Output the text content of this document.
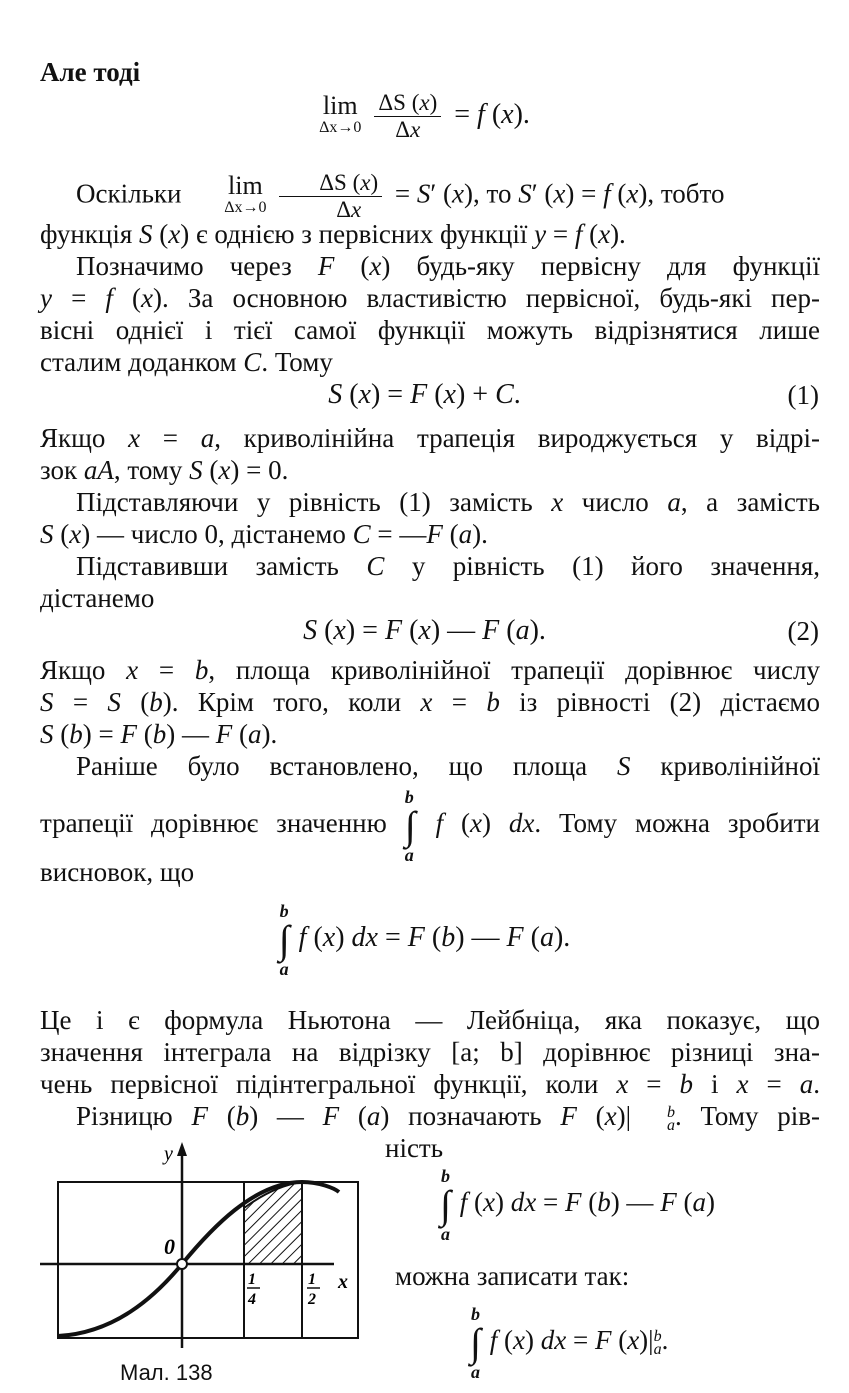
Але тоді
lim
Δx→0
$\frac{\Delta S (x)}{\Delta x} = f$ (x).
Оскільки	lim
Δx→0
$\frac{\Delta S (x)}{\Delta x} = S'$ (x), то S′ (x) = f (x), тобто
функція S (x) є однією з первісних функції y = f (x).
Позначимо через F (x) будь-яку первісну для функції
y = f (x). За основною властивістю первісної, будь-які пер-
вісні однієї і тієї самої функції можуть відрізнятися лише
сталим доданком C. Тому
S (x) = F (x) + C.	(1)
Якщо x = a, криволінійна трапеція вироджується у відрі-
зок aA, тому S (x) = 0.
Підставляючи у рівність (1) замість x число a, а замість
S (x) — число 0, дістанемо C = —F (a).
Підставивши замість C у рівність (1) його значення,
дістанемо
S (x) = F (x) — F (a).	(2)
Якщо x = b, площа криволінійної трапеції дорівнює числу
S = S (b). Крім того, коли x = b із рівності (2) дістаємо
S (b) = F (b) — F (a).
Раніше було встановлено, що площа S криволінійної
трапеції дорівнює значенню
b
∫
a
f (x) dx. Тому можна зробити
висновок, що
b
∫
a
f (x) dx = F (b) — F (a).
Це і є формула Ньютона — Лейбніца, яка показує, що
значення інтеграла на відрізку [a; b] дорівнює різниці зна-
чень первісної підінтегральної функції, коли x = b і x = a.
Різницю F (b) — F (a) позначають F (x)|	b
a . Тому рів-
ність
b
∫
a
f (x) dx = F (b) — F (a)
можна записати так:
b
∫
a
f (x) dx = F (x)| b
a .
y
x
0
1
4
1
2
Мал. 138
